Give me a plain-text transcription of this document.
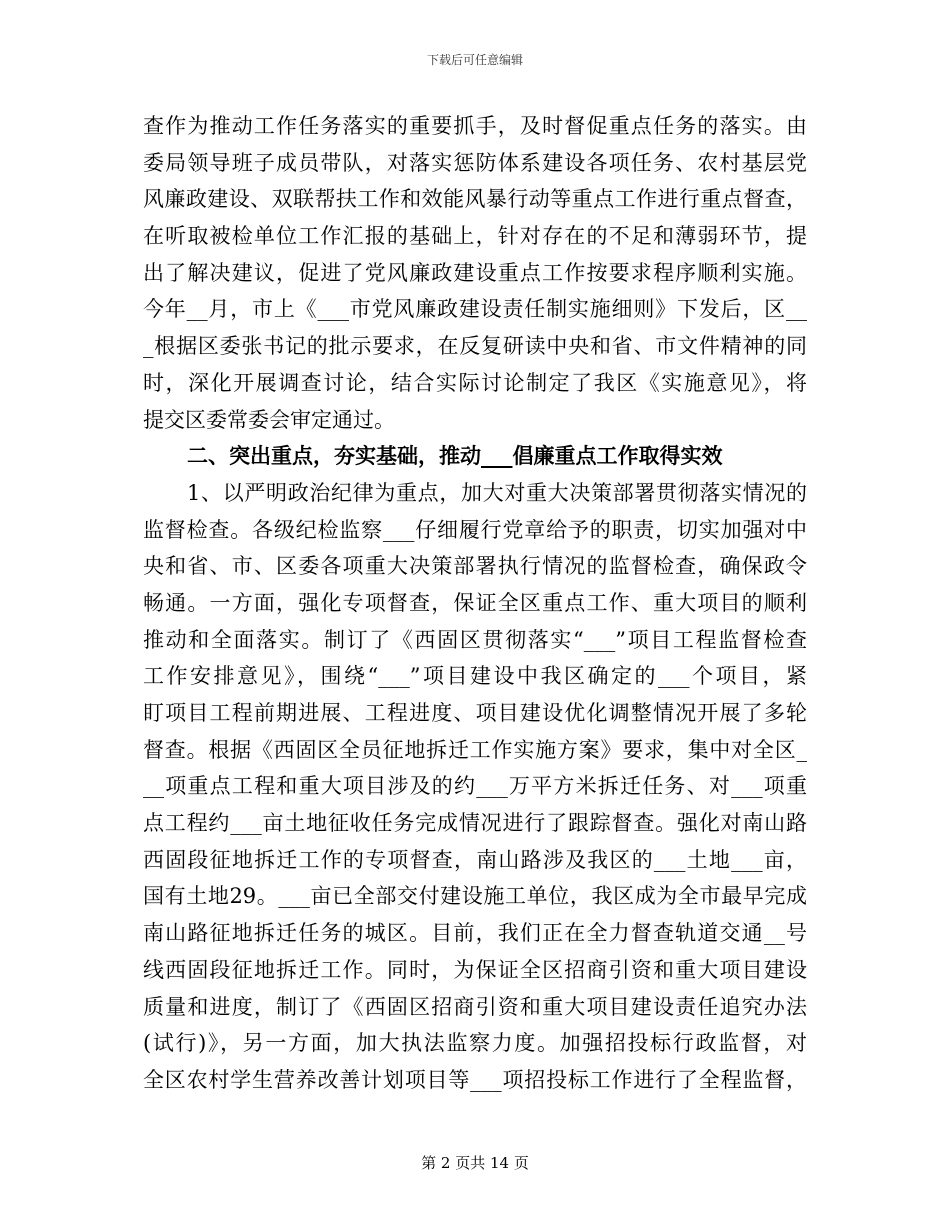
下载后可任意编辑
查作为推动工作任务落实的重要抓手，及时督促重点任务的落实。由
委局领导班子成员带队，对落实惩防体系建设各项任务、农村基层党
风廉政建设、双联帮扶工作和效能风暴行动等重点工作进行重点督查，
在听取被检单位工作汇报的基础上，针对存在的不足和薄弱环节，提
出了解决建议，促进了党风廉政建设重点工作按要求程序顺利实施。
今年__月，市上《___市党风廉政建设责任制实施细则》下发后，区__
_根据区委张书记的批示要求，在反复研读中央和省、市文件精神的同
时，深化开展调查讨论，结合实际讨论制定了我区《实施意见》，将
提交区委常委会审定通过。
二、突出重点，夯实基础，推动___倡廉重点工作取得实效
1、以严明政治纪律为重点，加大对重大决策部署贯彻落实情况的
监督检查。各级纪检监察___仔细履行党章给予的职责，切实加强对中
央和省、市、区委各项重大决策部署执行情况的监督检查，确保政令
畅通。一方面，强化专项督查，保证全区重点工作、重大项目的顺利
推动和全面落实。制订了《西固区贯彻落实“___”项目工程监督检查
工作安排意见》，围绕“___”项目建设中我区确定的___个项目，紧
盯项目工程前期进展、工程进度、项目建设优化调整情况开展了多轮
督查。根据《西固区全员征地拆迁工作实施方案》要求，集中对全区_
__项重点工程和重大项目涉及的约___万平方米拆迁任务、对___项重
点工程约___亩土地征收任务完成情况进行了跟踪督查。强化对南山路
西固段征地拆迁工作的专项督查，南山路涉及我区的___土地___亩，
国有土地29。___亩已全部交付建设施工单位，我区成为全市最早完成
南山路征地拆迁任务的城区。目前，我们正在全力督查轨道交通__号
线西固段征地拆迁工作。同时，为保证全区招商引资和重大项目建设
质量和进度，制订了《西固区招商引资和重大项目建设责任追究办法
(试行)》，另一方面，加大执法监察力度。加强招投标行政监督，对
全区农村学生营养改善计划项目等___项招投标工作进行了全程监督，
第 2 页共 14 页
